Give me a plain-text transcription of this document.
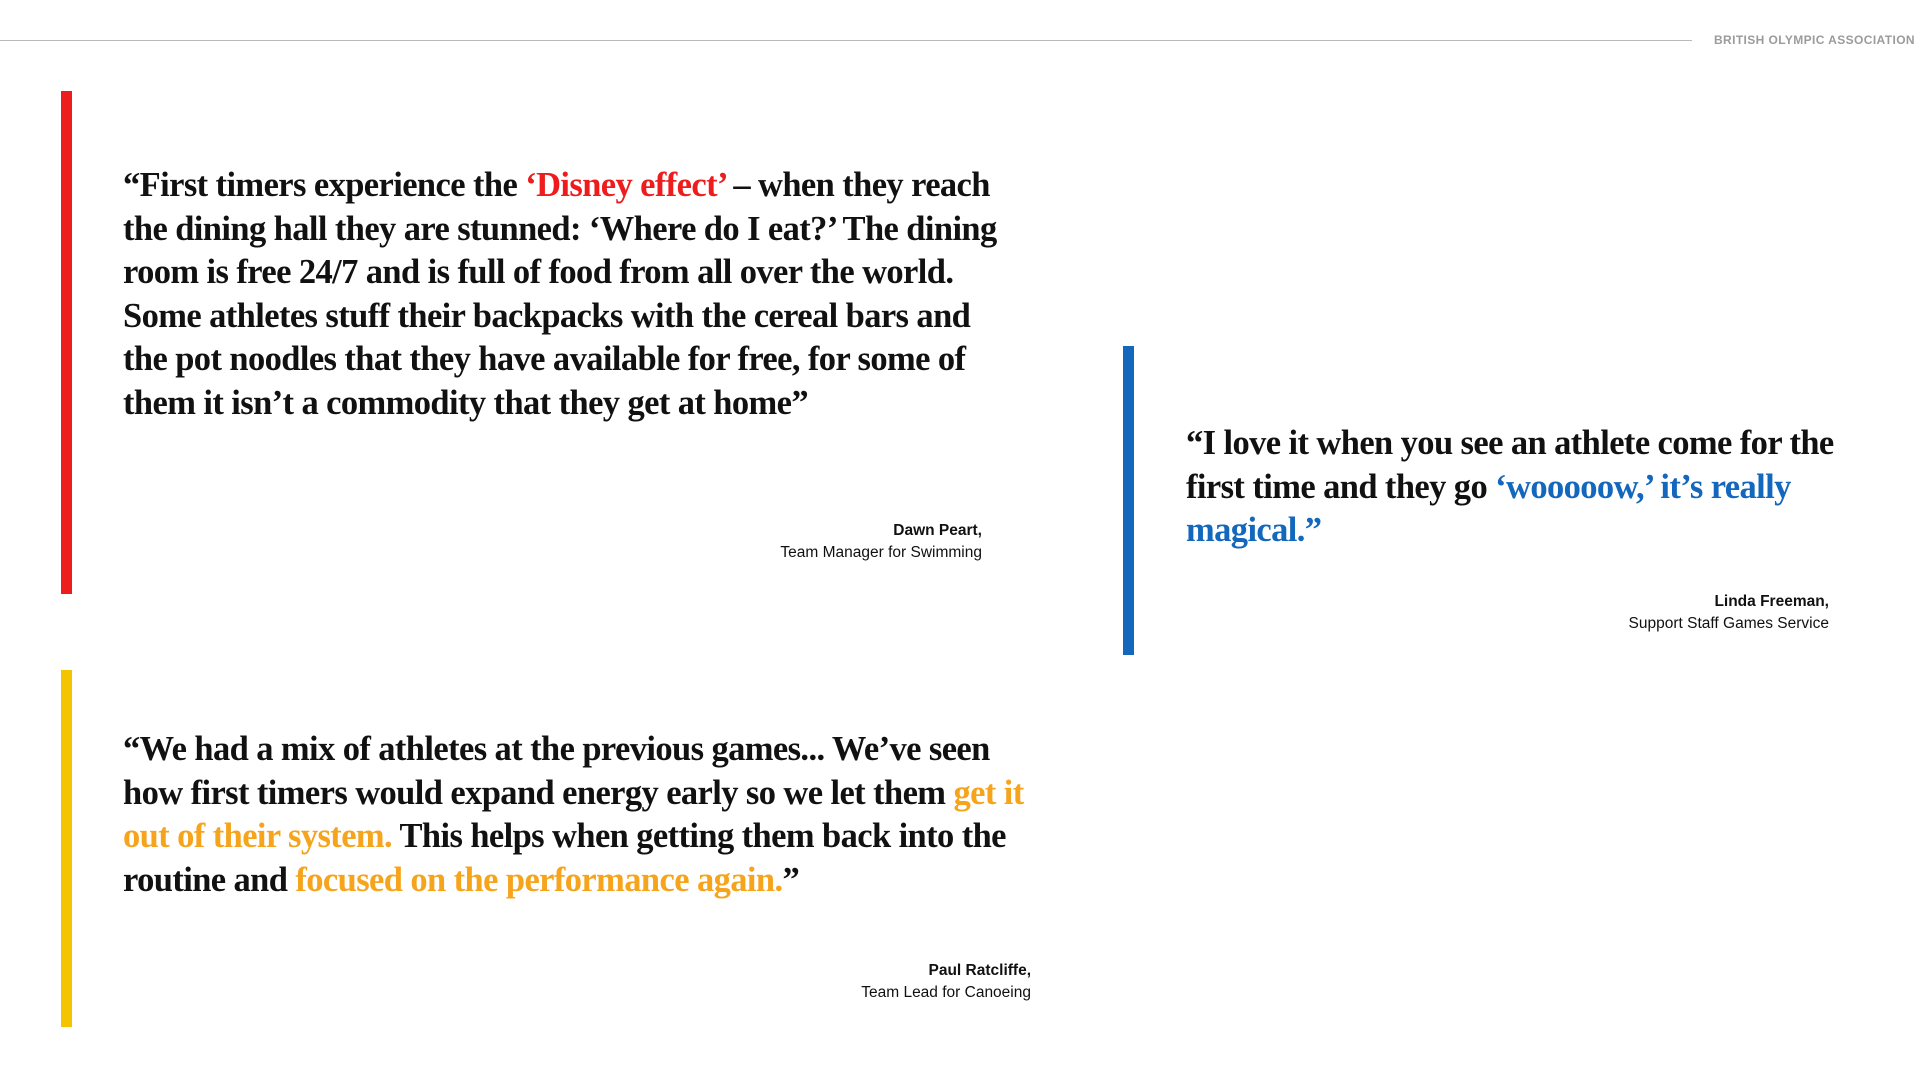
BRITISH OLYMPIC ASSOCIATION

“First timers experience the ‘Disney effect’ – when they reach the dining hall they are stunned: ‘Where do I eat?’ The dining room is free 24/7 and is full of food from all over the world. Some athletes stuff their backpacks with the cereal bars and the pot noodles that they have available for free, for some of them it isn’t a commodity that they get at home”

Dawn Peart,
Team Manager for Swimming

“I love it when you see an athlete come for the first time and they go ‘wooooow,’ it’s really magical.”

Linda Freeman,
Support Staff Games Service

“We had a mix of athletes at the previous games... We’ve seen how first timers would expand energy early so we let them get it out of their system. This helps when getting them back into the routine and focused on the performance again.”

Paul Ratcliffe,
Team Lead for Canoeing
